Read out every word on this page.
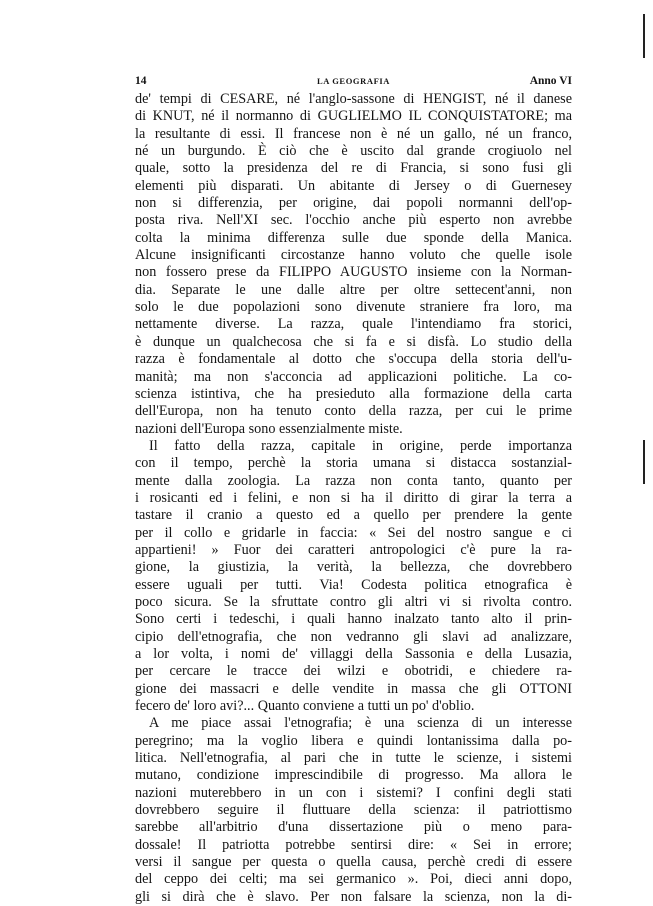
14	LA GEOGRAFIA	Anno VI
de' tempi di CESARE, né l'anglo-sassone di HENGIST, né il danese
di KNUT, né il normanno di GUGLIELMO IL CONQUISTATORE; ma
la resultante di essi. Il francese non è né un gallo, né un franco,
né un burgundo. È ciò che è uscito dal grande crogiuolo nel
quale, sotto la presidenza del re di Francia, si sono fusi gli
elementi più disparati. Un abitante di Jersey o di Guernesey
non si differenzia, per origine, dai popoli normanni dell'op-
posta riva. Nell'XI sec. l'occhio anche più esperto non avrebbe
colta la minima differenza sulle due sponde della Manica.
Alcune insignificanti circostanze hanno voluto che quelle isole
non fossero prese da FILIPPO AUGUSTO insieme con la Norman-
dia. Separate le une dalle altre per oltre settecent'anni, non
solo le due popolazioni sono divenute straniere fra loro, ma
nettamente diverse. La razza, quale l'intendiamo fra storici,
è dunque un qualchecosa che si fa e si disfà. Lo studio della
razza è fondamentale al dotto che s'occupa della storia dell'u-
manità; ma non s'acconcia ad applicazioni politiche. La co-
scienza istintiva, che ha presieduto alla formazione della carta
dell'Europa, non ha tenuto conto della razza, per cui le prime
nazioni dell'Europa sono essenzialmente miste.
Il fatto della razza, capitale in origine, perde importanza
con il tempo, perchè la storia umana si distacca sostanzial-
mente dalla zoologia. La razza non conta tanto, quanto per
i rosicanti ed i felini, e non si ha il diritto di girar la terra a
tastare il cranio a questo ed a quello per prendere la gente
per il collo e gridarle in faccia: « Sei del nostro sangue e ci
appartieni! » Fuor dei caratteri antropologici c'è pure la ra-
gione, la giustizia, la verità, la bellezza, che dovrebbero
essere uguali per tutti. Via! Codesta politica etnografica è
poco sicura. Se la sfruttate contro gli altri vi si rivolta contro.
Sono certi i tedeschi, i quali hanno inalzato tanto alto il prin-
cipio dell'etnografia, che non vedranno gli slavi ad analizzare,
a lor volta, i nomi de' villaggi della Sassonia e della Lusazia,
per cercare le tracce dei wilzi e obotridi, e chiedere ra-
gione dei massacri e delle vendite in massa che gli OTTONI
fecero de' loro avi?... Quanto conviene a tutti un po' d'oblio.
A me piace assai l'etnografia; è una scienza di un interesse
peregrino; ma la voglio libera e quindi lontanissima dalla po-
litica. Nell'etnografia, al pari che in tutte le scienze, i sistemi
mutano, condizione imprescindibile di progresso. Ma allora le
nazioni muterebbero in un con i sistemi? I confini degli stati
dovrebbero seguire il fluttuare della scienza: il patriottismo
sarebbe all'arbitrio d'una dissertazione più o meno para-
dossale! Il patriotta potrebbe sentirsi dire: « Sei in errore;
versi il sangue per questa o quella causa, perchè credi di essere
del ceppo dei celti; ma sei germanico ». Poi, dieci anni dopo,
gli si dirà che è slavo. Per non falsare la scienza, non la di-
